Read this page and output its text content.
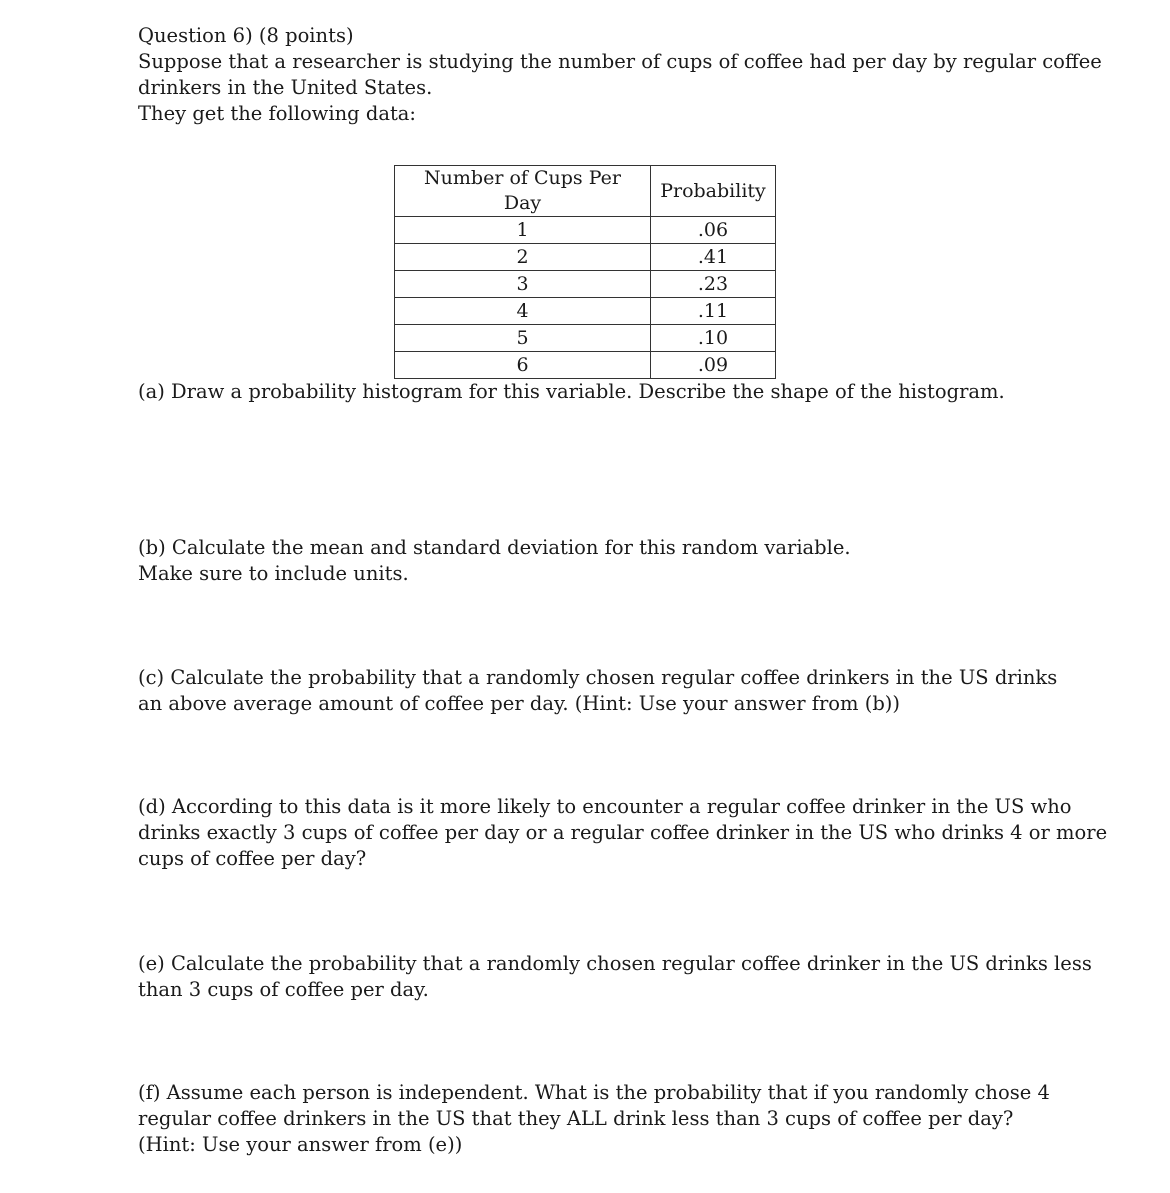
Question 6) (8 points)
Suppose that a researcher is studying the number of cups of coffee had per day by regular coffee
drinkers in the United States.
They get the following data:
Number of Cups Per Day	Probability
1	.06
2	.41
3	.23
4	.11
5	.10
6	.09
(a) Draw a probability histogram for this variable. Describe the shape of the histogram.
(b) Calculate the mean and standard deviation for this random variable.
Make sure to include units.
(c) Calculate the probability that a randomly chosen regular coffee drinkers in the US drinks
an above average amount of coffee per day. (Hint: Use your answer from (b))
(d) According to this data is it more likely to encounter a regular coffee drinker in the US who
drinks exactly 3 cups of coffee per day or a regular coffee drinker in the US who drinks 4 or more
cups of coffee per day?
(e) Calculate the probability that a randomly chosen regular coffee drinker in the US drinks less
than 3 cups of coffee per day.
(f) Assume each person is independent. What is the probability that if you randomly chose 4
regular coffee drinkers in the US that they ALL drink less than 3 cups of coffee per day?
(Hint: Use your answer from (e))
